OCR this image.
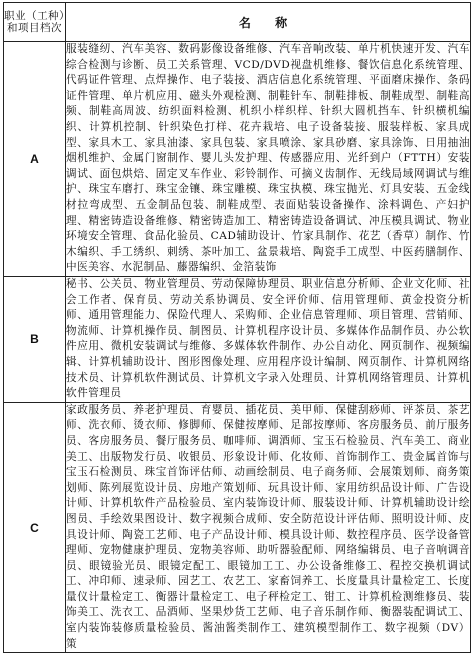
职业（工种）和项目档次	名 称
A	服装缝纫、汽车美容、数码影像设备维修、汽车音响改装、单片机快速开发、汽车综合检测与诊断、员工关系管理、VCD/DVD视盘机维修、餐饮信息化系统管理、代码证件管理、点焊操作、电子装接、酒店信息化系统管理、平面磨床操作、条码证件管理、单片机应用、磁头外观检测、制鞋针车、制鞋排板、制鞋成型、制鞋高频、制鞋高周波、纺织面料检测、机织小样织样、针织大圆机挡车、针织横机编织、计算机控制、针织染色打样、花卉栽培、电子设备装接、服装样板、家具成型、家具木工、家具油漆、家具包装、家具喷涂、家具砂磨、家具涂饰、日用抽油烟机维护、金属门窗制作、婴儿头发护理、传感器应用、光纤到户（FTTH）安装调试、面包烘焙、固定叉车作业、彩铃制作、可摘义齿制作、无线局域网调试与维护、珠宝车磨打、珠宝金镶、珠宝雕模、珠宝执模、珠宝抛光、灯具安装、五金线材拉弯成型、五金制品包装、制鞋成型、表面贴装设备操作、涂料调色、产妇护理、精密铸造设备维修、精密铸造加工、精密铸造设备调试、冲压模具调试、物业环境安全管理、食品化验员、CAD辅助设计、竹家具制作、花艺（香草）制作、竹木编织、手工绣织、刺绣、茶叶加工、盆景栽培、陶瓷手工成型、中医药膳制作、中医美容、水泥制品、藤器编织、金箔装饰
B	秘书、公关员、物业管理员、劳动保障协理员、职业信息分析师、企业文化师、社会工作者、保育员、劳动关系协调员、安全评价师、信用管理师、黄金投资分析师、通用管理能力、保险代理人、采购师、企业信息管理师、项目管理、营销师、物流师、计算机操作员、制图员、计算机程序设计员、多媒体作品制作员、办公软件应用、微机安装调试与维修、多媒体软件制作、办公自动化、网页制作、视频编辑、计算机辅助设计、图形图像处理、应用程序设计编制、网页制作、计算机网络技术员、计算机软件测试员、计算机文字录入处理员、计算机网络管理员、计算机软件管理员
C	家政服务员、养老护理员、育婴员、插花员、美甲师、保健刮痧师、评茶员、茶艺师、洗衣师、烫衣师、修脚师、保健按摩师、足部按摩师、客房服务员、前厅服务员、客房服务员、餐厅服务员、咖啡师、调酒师、宝玉石检验员、汽车美工、商业美工、出版物发行员、收银员、形象设计师、化妆师、首饰制作工、贵金属首饰与宝玉石检测员、珠宝首饰评估师、动画绘制员、电子商务师、会展策划师、商务策划师、陈列展览设计员、房地产策划师、玩具设计师、家用纺织品设计师、广告设计师、计算机软件产品检验员、室内装饰设计师、服装设计师、计算机辅助设计绘图员、手绘效果图设计、数字视频合成师、安全防范设计评估师、照明设计师、皮具设计师、陶瓷工艺师、电子产品设计师、模具设计师、数控程序员、医学设备管理师、宠物健康护理员、宠物美容师、助听器验配师、网络编辑员、电子音响调音员、眼镜验光员、眼镜定配工、眼镜加工工、办公设备维修工、程控交换机调试工、冲印师、速录师、园艺工、农艺工、家畜饲养工、长度量具计量检定工、长度量仪计量检定工、衡器计量检定工、电子秤检定工、钳工、计算机检测维修员、装饰美工、洗衣工、品酒师、坚果炒货工艺师、电子音乐制作师、衡器装配调试工、室内装饰装修质量检验员、酱油酱类制作工、建筑模型制作工、数字视频（DV）策
